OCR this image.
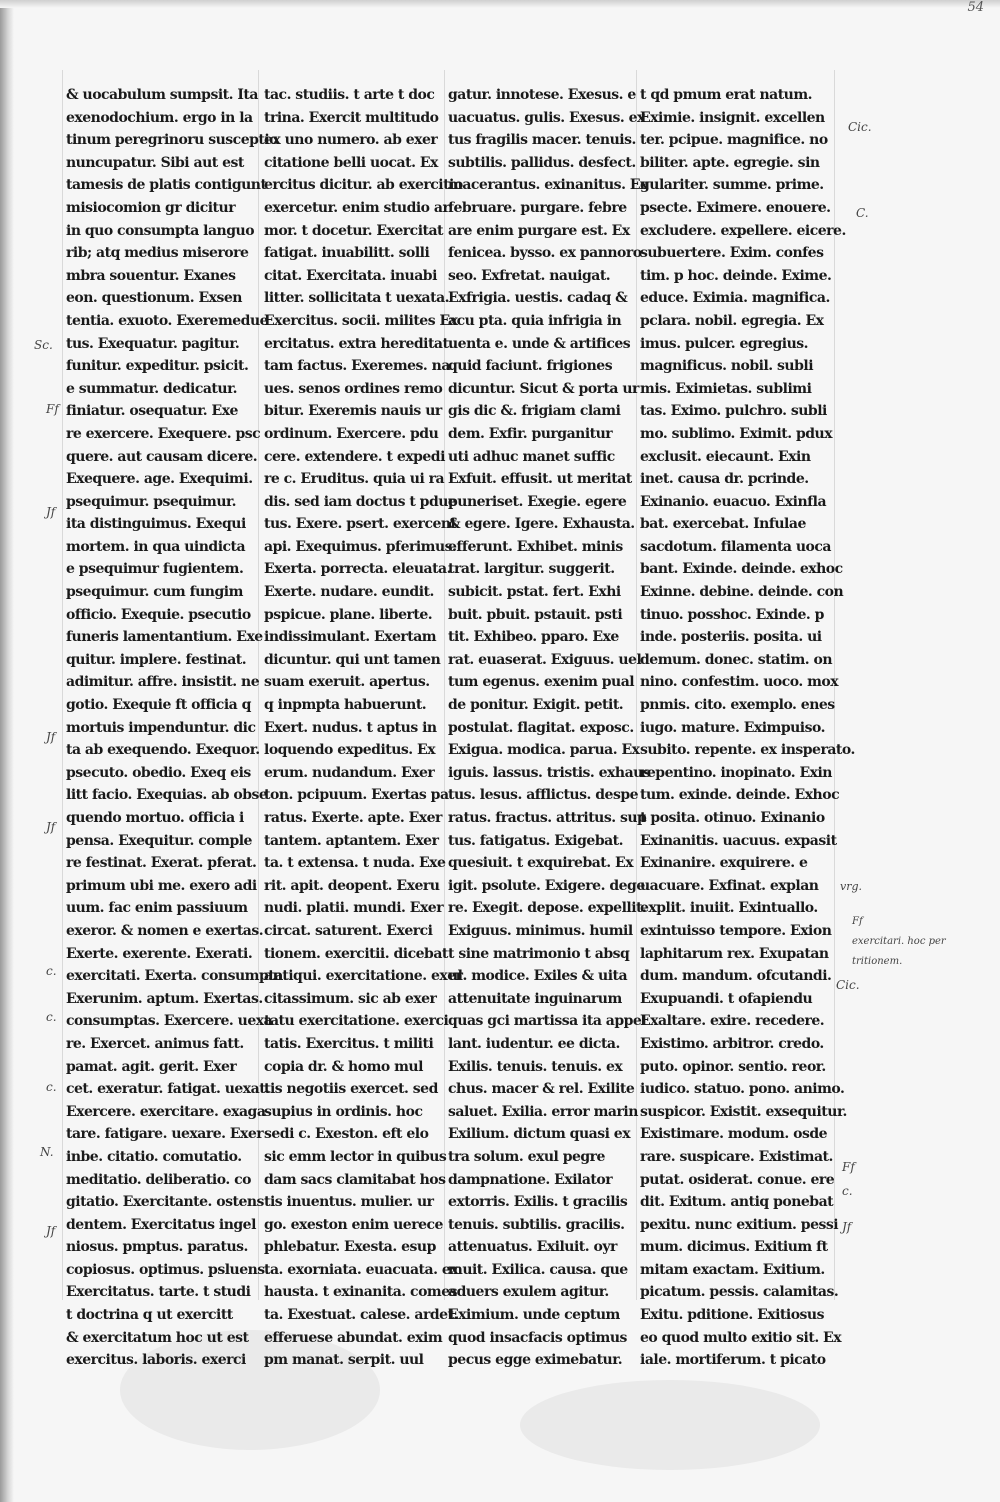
54
& uocabulum sumpsit. Ita
exenodochium. ergo in la
tinum peregrinoru susceptio
nuncupatur. Sibi aut est
tamesis de platis contigunt
misiocomion gr dicitur
in quo consumpta languo
rib; atq medius miserore
mbra souentur. Exanes
eon. questionum. Exsen
tentia. exuoto. Exeremedue
tus. Exequatur. pagitur.
funitur. expeditur. psicit.
e summatur. dedicatur.
finiatur. osequatur. Exe
re exercere. Exequere. psc
quere. aut causam dicere.
Exequere. age. Exequimi.
psequimur. psequimur.
ita distinguimus. Exequi
mortem. in qua uindicta
e psequimur fugientem.
psequimur. cum fungim
officio. Exequie. psecutio
funeris lamentantium. Exe
quitur. implere. festinat.
adimitur. affre. insistit. ne
gotio. Exequie ft officia q
mortuis impenduntur. dic
ta ab exequendo. Exequor.
psecuto. obedio. Exeq eis
litt facio. Exequias. ab obse
quendo mortuo. officia i
pensa. Exequitur. comple
re festinat. Exerat. pferat.
primum ubi me. exero adi
uum. fac enim passiuum
exeror. & nomen e exertas.
Exerte. exerente. Exerati.
exercitati. Exerta. consumpta.
Exerunim. aptum. Exertas.
consumptas. Exercere. uexa
re. Exercet. animus fatt.
pamat. agit. gerit. Exer
cet. exeratur. fatigat. uexat.
Exercere. exercitare. exaga
tare. fatigare. uexare. Exer
inbe. citatio. comutatio.
meditatio. deliberatio. co
gitatio. Exercitante. ostens
dentem. Exercitatus ingel
niosus. pmptus. paratus.
copiosus. optimus. psluens.
Exercitatus. tarte. t studi
t doctrina q ut exercitt
& exercitatum hoc ut est
exercitus. laboris. exerci
tac. studiis. t arte t doc
trina. Exercit multitudo
ex uno numero. ab exer
citatione belli uocat. Ex
ercitus dicitur. ab exercitio
exercetur. enim studio ar
mor. t docetur. Exercitat
fatigat. inuabilitt. solli
citat. Exercitata. inuabi
litter. sollicitata t uexata.
Exercitus. socii. milites Ex
ercitatus. extra hereditat.
tam factus. Exeremes. na
ues. senos ordines remo
bitur. Exeremis nauis ur
ordinum. Exercere. pdu
cere. extendere. t expedi
re c. Eruditus. quia ui ra
dis. sed iam doctus t pdue
tus. Exere. psert. exercent
api. Exequimus. pferimus.
Exerta. porrecta. eleuata.
Exerte. nudare. eundit.
pspicue. plane. liberte.
indissimulant. Exertam
dicuntur. qui unt tamen
suam exeruit. apertus.
q inpmpta habuerunt.
Exert. nudus. t aptus in
loquendo expeditus. Ex
erum. nudandum. Exer
ton. pcipuum. Exertas pa
ratus. Exerte. apte. Exer
tantem. aptantem. Exer
ta. t extensa. t nuda. Exe
rit. apit. deopent. Exeru
nudi. platii. mundi. Exer
circat. saturent. Exerci
tionem. exercitii. dicebat
antiqui. exercitatione. exer
citassimum. sic ab exer
tatu exercitatione. exerci
tatis. Exercitus. t militi
copia dr. & homo mul
tis negotiis exercet. sed
supius in ordinis. hoc
sedi c. Exeston. eft elo
sic emm lector in quibus
dam sacs clamitabat hos
tis inuentus. mulier. ur
go. exeston enim uerece
phlebatur. Exesta. esup
ta. exorniata. euacuata. ex
hausta. t exinanita. comes
ta. Exestuat. calese. ardet.
efferuese abundat. exim
pm manat. serpit. uul
gatur. innotese. Exesus. e
uacuatus. gulis. Exesus. ex
tus fragilis macer. tenuis.
subtilis. pallidus. desfect.
macerantus. exinanitus. Ex
februare. purgare. febre
are enim purgare est. Ex
fenicea. bysso. ex pannoro
seo. Exfretat. nauigat.
Exfrigia. uestis. cadaq &
acu pta. quia infrigia in
uenta e. unde & artifices
quid faciunt. frigiones
dicuntur. Sicut & porta ur
gis dic &. frigiam clami
dem. Exfir. purganitur
uti adhuc manet suffic
Exfuit. effusit. ut meritat
puneriset. Exegie. egere
& egere. Igere. Exhausta.
efferunt. Exhibet. minis
trat. largitur. suggerit.
subicit. pstat. fert. Exhi
buit. pbuit. pstauit. psti
tit. Exhibeo. pparo. Exe
rat. euaserat. Exiguus. uel
tum egenus. exenim pual
de ponitur. Exigit. petit.
postulat. flagitat. exposc.
Exigua. modica. parua. Ex
iguis. lassus. tristis. exhaus
tus. lesus. afflictus. despe
ratus. fractus. attritus. sup
tus. fatigatus. Exigebat.
quesiuit. t exquirebat. Ex
igit. psolute. Exigere. dege
re. Exegit. depose. expellit.
Exiguus. minimus. humil
t sine matrimonio t absq
ul. modice. Exiles & uita
attenuitate inguinarum
quas gci martissa ita appel
lant. iudentur. ee dicta.
Exilis. tenuis. tenuis. ex
chus. macer & rel. Exilite
saluet. Exilia. error marin
Exilium. dictum quasi ex
tra solum. exul pegre
dampnatione. Exilator
extorris. Exilis. t gracilis
tenuis. subtilis. gracilis.
attenuatus. Exiluit. oyr
muit. Exilica. causa. que
aduers exulem agitur.
Eximium. unde ceptum
quod insacfacis optimus
pecus egge eximebatur.
t qd pmum erat natum.
Eximie. insignit. excellen
ter. pcipue. magnifice. no
biliter. apte. egregie. sin
gulariter. summe. prime.
psecte. Eximere. enouere.
excludere. expellere. eicere.
subuertere. Exim. confes
tim. p hoc. deinde. Exime.
educe. Eximia. magnifica.
pclara. nobil. egregia. Ex
imus. pulcer. egregius.
magnificus. nobil. subli
mis. Eximietas. sublimi
tas. Eximo. pulchro. subli
mo. sublimo. Eximit. pdux
exclusit. eiecaunt. Exin
inet. causa dr. pcrinde.
Exinanio. euacuo. Exinfla
bat. exercebat. Infulae
sacdotum. filamenta uoca
bant. Exinde. deinde. exhoc
Exinne. debine. deinde. con
tinuo. posshoc. Exinde. p
inde. posteriis. posita. ui
demum. donec. statim. on
nino. confestim. uoco. mox
pnmis. cito. exemplo. enes
iugo. mature. Eximpuiso.
subito. repente. ex insperato.
repentino. inopinato. Exin
tum. exinde. deinde. Exhoc
t posita. otinuo. Exinanio
Exinanitis. uacuus. expasit
Exinanire. exquirere. e
uacuare. Exfinat. explan
explit. inuiit. Exintuallo.
exintuisso tempore. Exion
laphitarum rex. Exupatan
dum. mandum. ofcutandi.
Exupuandi. t ofapiendu
Exaltare. exire. recedere.
Existimo. arbitror. credo.
puto. opinor. sentio. reor.
iudico. statuo. pono. animo.
suspicor. Existit. exsequitur.
Existimare. modum. osde
rare. suspicare. Existimat.
putat. osiderat. conue. ere
dit. Exitum. antiq ponebat
pexitu. nunc exitium. pessi
mum. dicimus. Exitium ft
mitam exactam. Exitium.
picatum. pessis. calamitas.
Exitu. pditione. Exitiosus
eo quod multo exitio sit. Ex
iale. mortiferum. t picato
Sc.
Ff
Jf
Jf
Jf
c.
c.
c.
N.
Jf
Cic.
C.
Cic.
Ff
c.
Jf
vrg.
Ff
exercitari. hoc per
tritionem.
